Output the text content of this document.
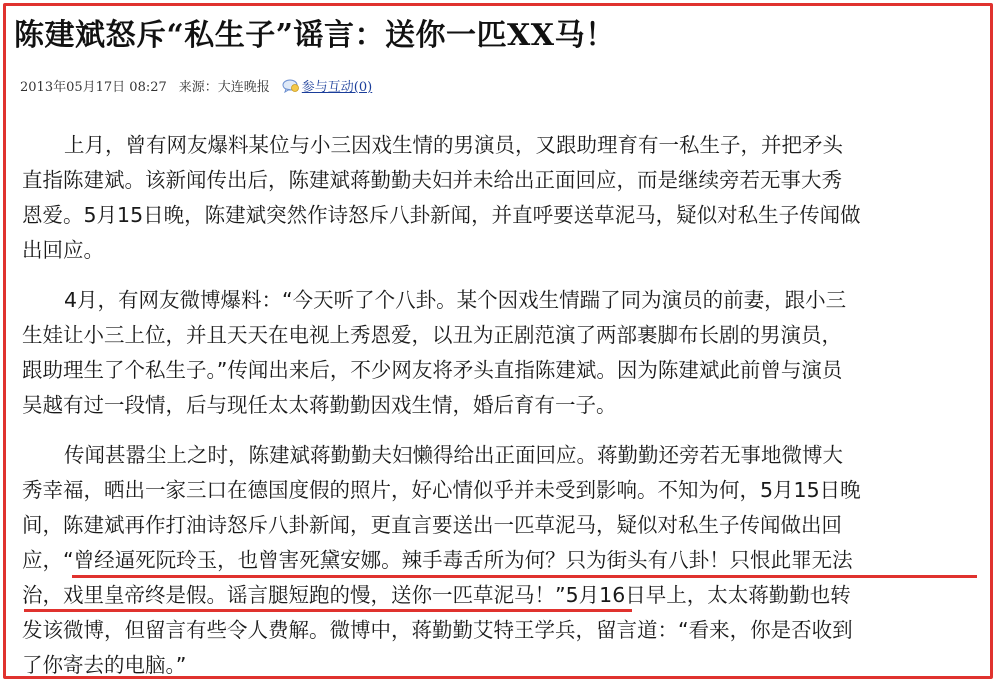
陈建斌怒斥“私生子”谣言：送你一匹XX马！
2013年05月17日 08:27 来源： 大连晚报 参与互动(0)
上月，曾有网友爆料某位与小三因戏生情的男演员，又跟助理育有一私生子，并把矛头
直指陈建斌。该新闻传出后，陈建斌蒋勤勤夫妇并未给出正面回应，而是继续旁若无事大秀
恩爱。5月15日晚，陈建斌突然作诗怒斥八卦新闻，并直呼要送草泥马，疑似对私生子传闻做
出回应。
4月，有网友微博爆料：“今天听了个八卦。某个因戏生情踹了同为演员的前妻，跟小三
生娃让小三上位，并且天天在电视上秀恩爱，以丑为正剧范演了两部裹脚布长剧的男演员，
跟助理生了个私生子。”传闻出来后，不少网友将矛头直指陈建斌。因为陈建斌此前曾与演员
吴越有过一段情，后与现任太太蒋勤勤因戏生情，婚后育有一子。
传闻甚嚣尘上之时，陈建斌蒋勤勤夫妇懒得给出正面回应。蒋勤勤还旁若无事地微博大
秀幸福，晒出一家三口在德国度假的照片，好心情似乎并未受到影响。不知为何，5月15日晚
间，陈建斌再作打油诗怒斥八卦新闻，更直言要送出一匹草泥马，疑似对私生子传闻做出回
应，“曾经逼死阮玲玉，也曾害死黛安娜。辣手毒舌所为何？只为街头有八卦！只恨此罪无法
治，戏里皇帝终是假。谣言腿短跑的慢，送你一匹草泥马！”5月16日早上，太太蒋勤勤也转
发该微博，但留言有些令人费解。微博中，蒋勤勤艾特王学兵，留言道：“看来，你是否收到
了你寄去的电脑。”
